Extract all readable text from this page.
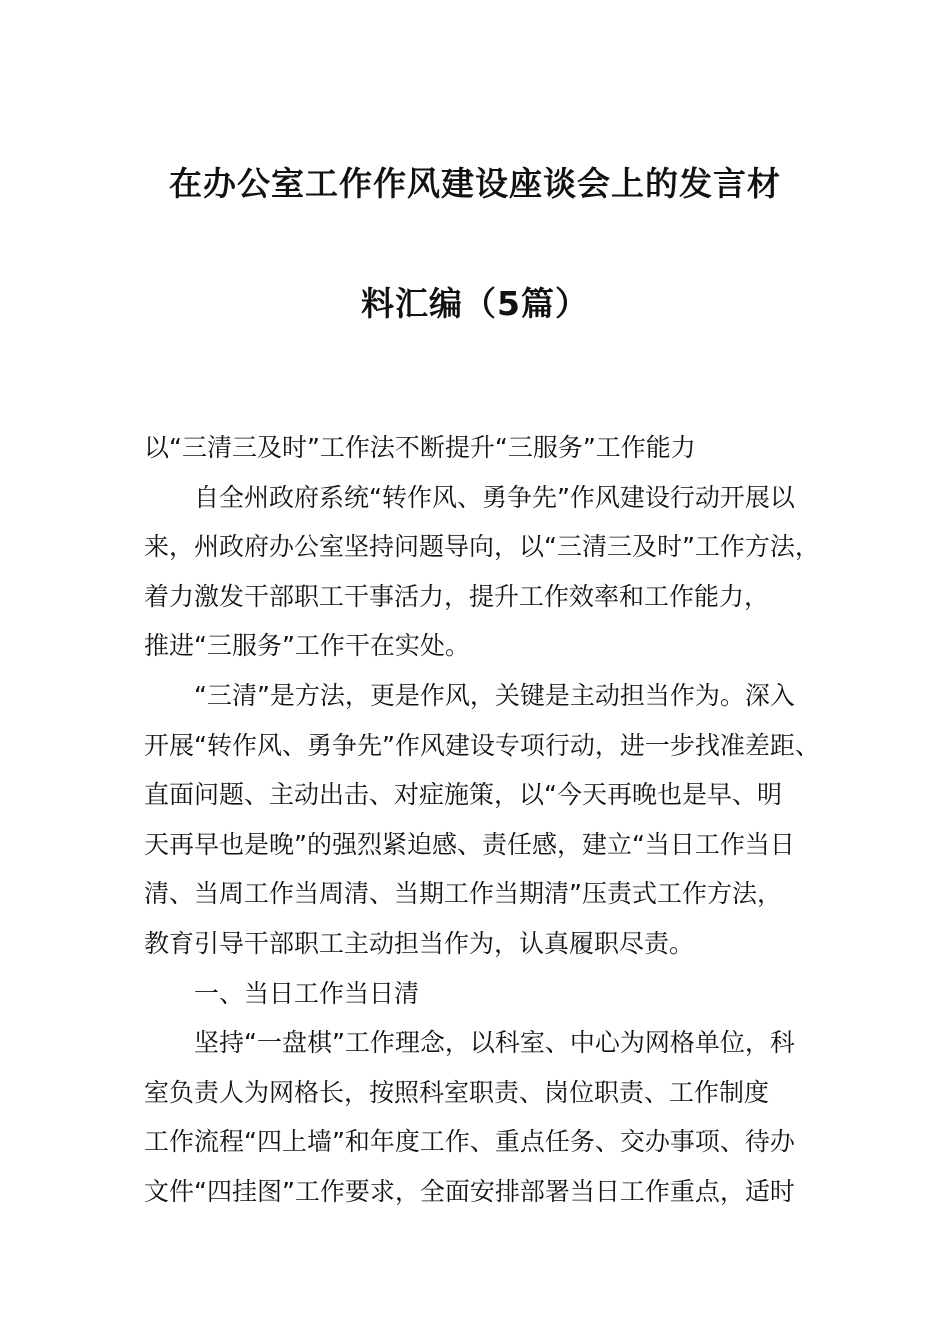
在办公室工作作风建设座谈会上的发言材
料汇编（5篇）
以“三清三及时”工作法不断提升“三服务”工作能力
自全州政府系统“转作风、勇争先”作风建设行动开展以
来，州政府办公室坚持问题导向，以“三清三及时”工作方法，
着力激发干部职工干事活力，提升工作效率和工作能力，
推进“三服务”工作干在实处。
“三清”是方法，更是作风，关键是主动担当作为。深入
开展“转作风、勇争先”作风建设专项行动，进一步找准差距、
直面问题、主动出击、对症施策，以“今天再晚也是早、明
天再早也是晚”的强烈紧迫感、责任感，建立“当日工作当日
清、当周工作当周清、当期工作当期清”压责式工作方法，
教育引导干部职工主动担当作为，认真履职尽责。
一、当日工作当日清
坚持“一盘棋”工作理念，以科室、中心为网格单位，科
室负责人为网格长，按照科室职责、岗位职责、工作制度
工作流程“四上墙”和年度工作、重点任务、交办事项、待办
文件“四挂图”工作要求，全面安排部署当日工作重点，适时
